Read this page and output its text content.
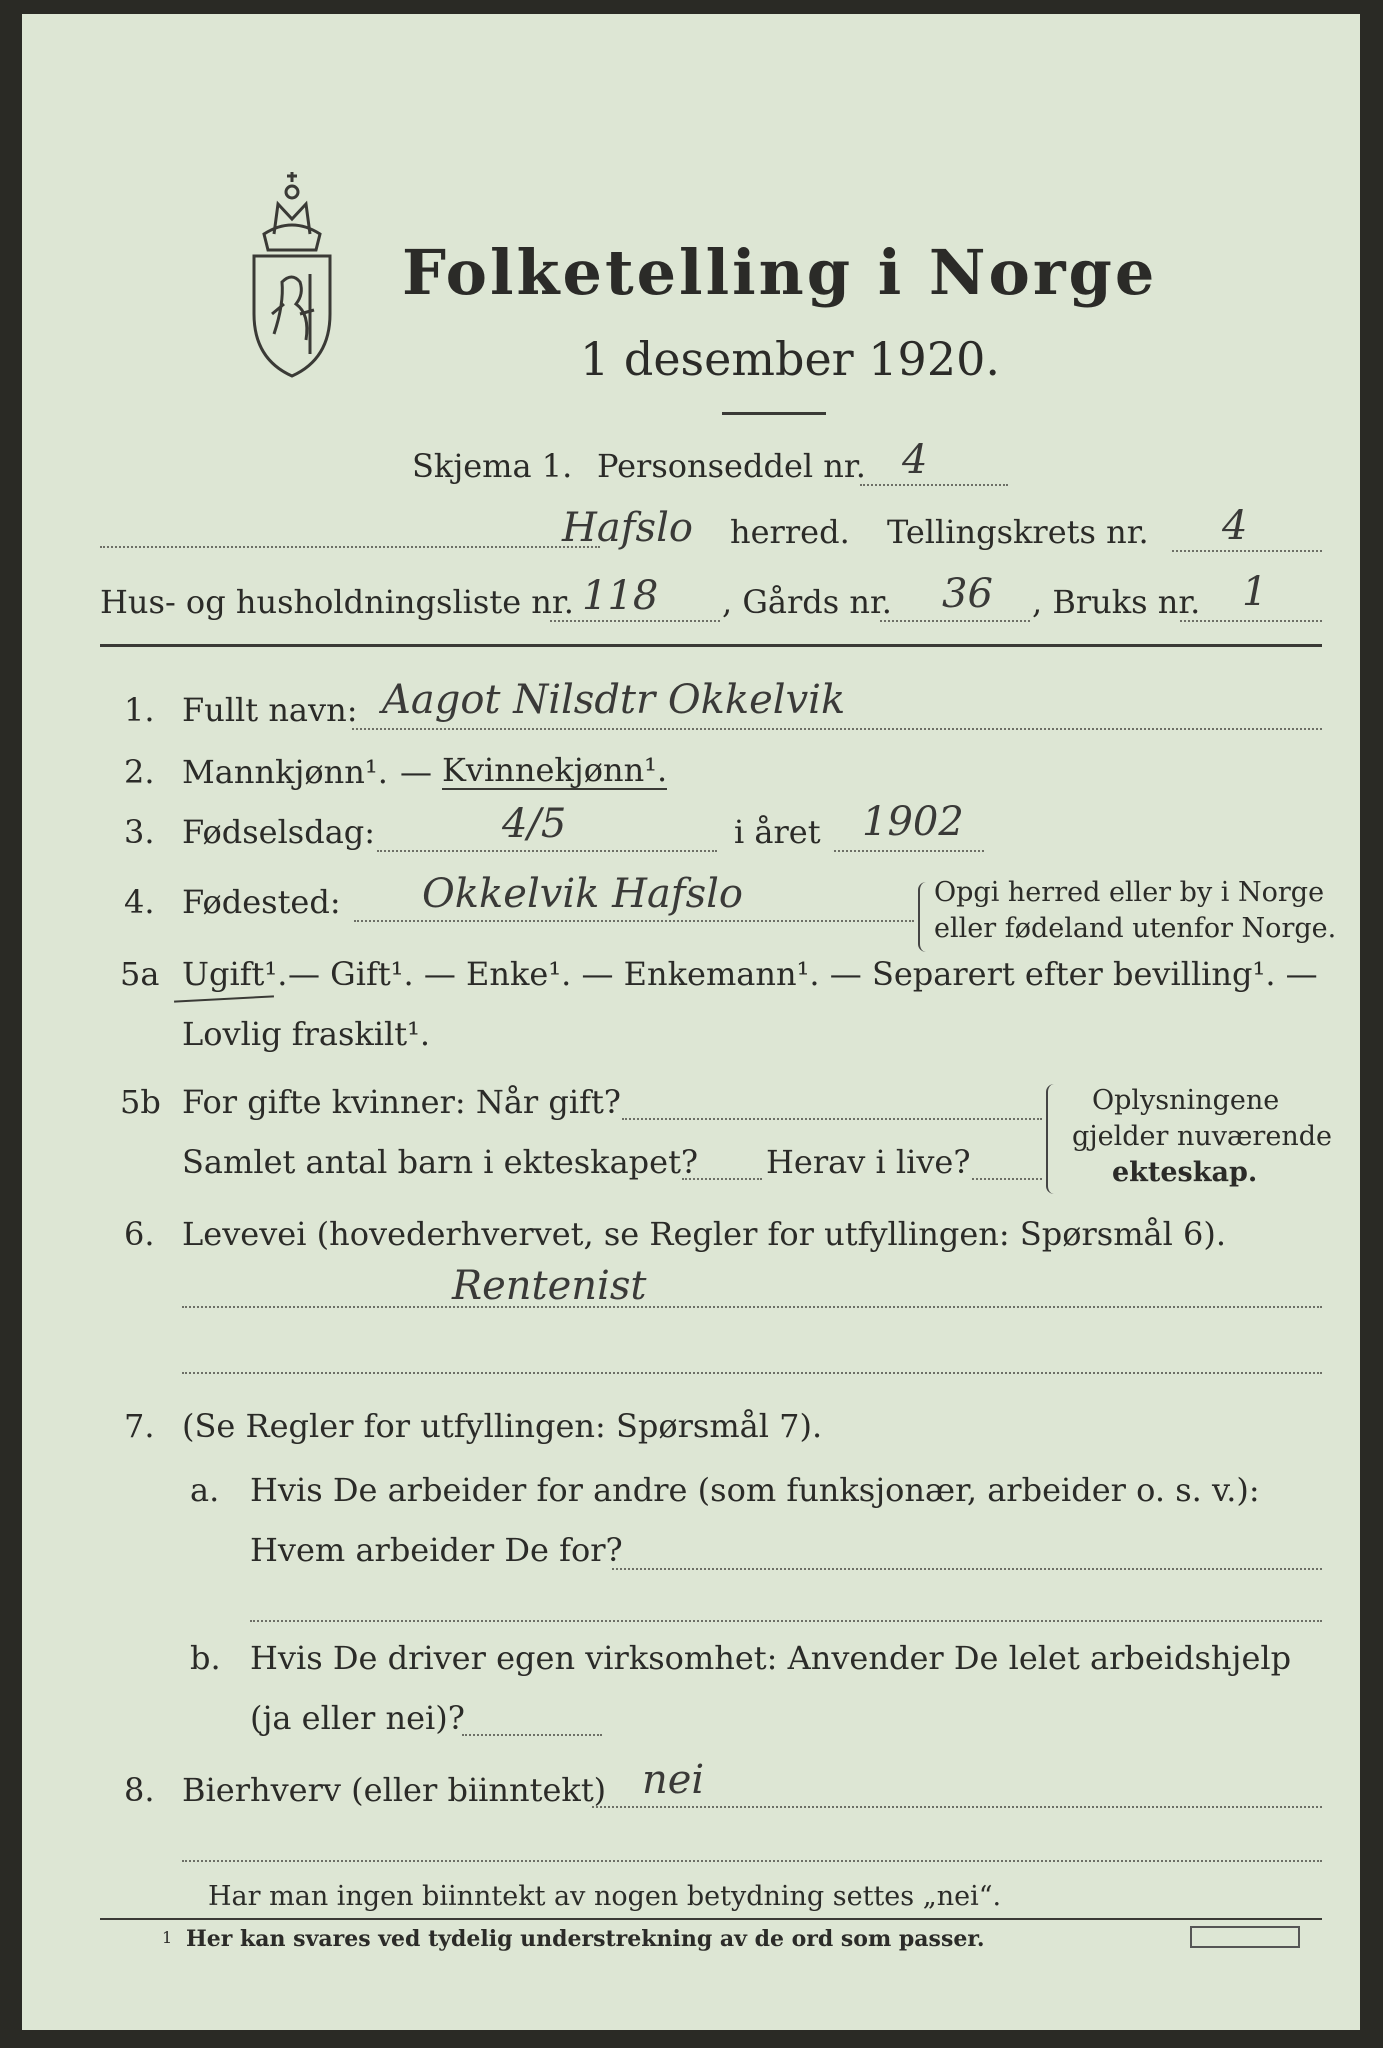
Folketelling i Norge
1 desember 1920.
Skjema 1. Personseddel nr. 4
Hafslo herred. Tellingskrets nr. 4
Hus- og husholdningsliste nr. 118 , Gårds nr. 36 , Bruks nr. 1
1. Fullt navn: Aagot Nilsdtr Okkelvik
2. Mannkjønn¹. — Kvinnekjønn¹.
3. Fødselsdag:	4/5	i året 1902
4. Fødested: Okkelvik Hafslo	Opgi herred eller by i Norge
eller fødeland utenfor Norge.
5a Ugift¹. — Gift¹. — Enke¹. — Enkemann¹. — Separert efter bevilling¹. —
Lovlig fraskilt¹.
5b For gifte kvinner: Når gift?
Samlet antal barn i ekteskapet? Herav i live?
Oplysningene
gjelder nuværende
ekteskap.
6. Levevei (hovederhvervet, se Regler for utfyllingen: Spørsmål 6).
Rentenist
7. (Se Regler for utfyllingen: Spørsmål 7).
a. Hvis De arbeider for andre (som funksjonær, arbeider o. s. v.):
Hvem arbeider De for?
b. Hvis De driver egen virksomhet: Anvender De lelet arbeidshjelp
(ja eller nei)?
8. Bierhverv (eller biinntekt) nei
Har man ingen biinntekt av nogen betydning settes „nei“.
1 Her kan svares ved tydelig understrekning av de ord som passer.
